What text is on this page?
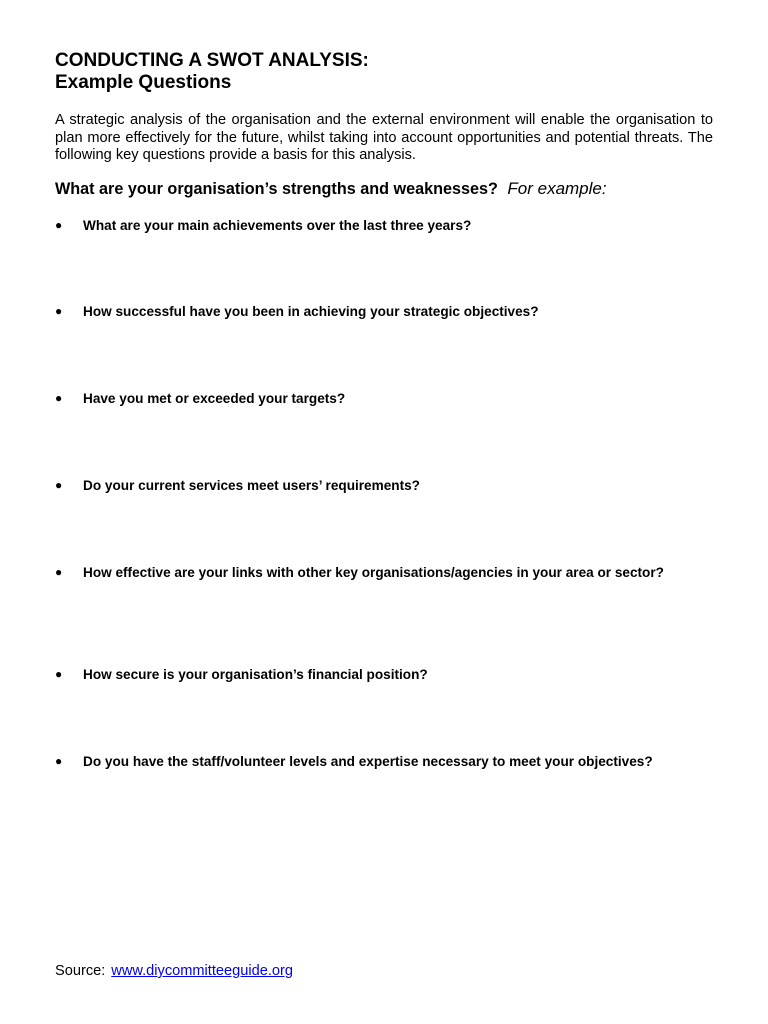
CONDUCTING A SWOT ANALYSIS:
Example Questions

A strategic analysis of the organisation and the external environment will enable the organisation to plan more effectively for the future, whilst taking into account opportunities and potential threats. The following key questions provide a basis for this analysis.

What are your organisation’s strengths and weaknesses? For example:
●	What are your main achievements over the last three years?
●	How successful have you been in achieving your strategic objectives?
●	Have you met or exceeded your targets?
●	Do your current services meet users’ requirements?
●	How effective are your links with other key organisations/agencies in your area or sector?
●	How secure is your organisation’s financial position?
●	Do you have the staff/volunteer levels and expertise necessary to meet your objectives?
Source: www.diycommitteeguide.org
